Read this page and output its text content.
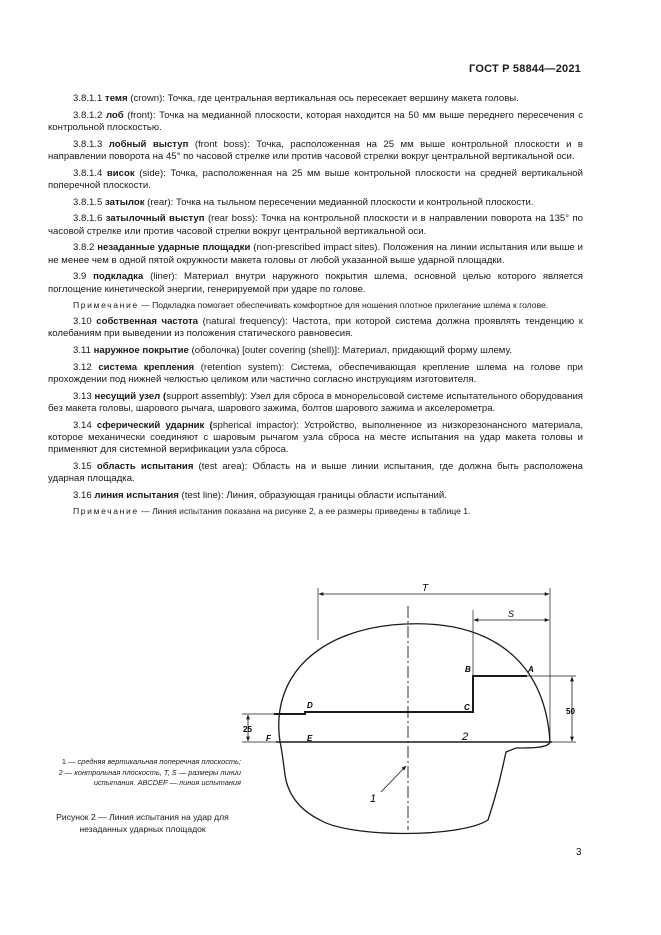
ГОСТ Р 58844—2021

3.8.1.1 темя (crown): Точка, где центральная вертикальная ось пересекает вершину макета головы.

3.8.1.2 лоб (front): Точка на медианной плоскости, которая находится на 50 мм выше переднего пересечения с контрольной плоскостью.

3.8.1.3 лобный выступ (front boss): Точка, расположенная на 25 мм выше контрольной плоскости и в направлении поворота на 45° по часовой стрелке или против часовой стрелки вокруг центральной вертикальной оси.

3.8.1.4 висок (side): Точка, расположенная на 25 мм выше контрольной плоскости на средней вертикальной поперечной плоскости.

3.8.1.5 затылок (rear): Точка на тыльном пересечении медианной плоскости и контрольной плоскости.

3.8.1.6 затылочный выступ (rear boss): Точка на контрольной плоскости и в направлении поворота на 135° по часовой стрелке или против часовой стрелки вокруг центральной вертикальной оси.

3.8.2 незаданные ударные площадки (non-prescribed impact sites). Положения на линии испытания или выше и не менее чем в одной пятой окружности макета головы от любой указанной выше ударной площадки.

3.9 подкладка (liner): Материал внутри наружного покрытия шлема, основной целью которого является поглощение кинетической энергии, генерируемой при ударе по голове.

Примечание — Подкладка помогает обеспечивать комфортное для ношения плотное прилегание шлема к голове.

3.10 собственная частота (natural frequency): Частота, при которой система должна проявлять тенденцию к колебаниям при выведении из положения статического равновесия.

3.11 наружное покрытие (оболочка) [outer covering (shell)]: Материал, придающий форму шлему.

3.12 система крепления (retention system): Система, обеспечивающая крепление шлема на голове при прохождении под нижней челюстью целиком или частично согласно инструкциям изготовителя.

3.13 несущий узел (support assembly): Узел для сброса в монорельсовой системе испытательного оборудования без макета головы, шарового рычага, шарового зажима, болтов шарового зажима и акселерометра.

3.14 сферический ударник (spherical impactor): Устройство, выполненное из низкорезонансного материала, которое механически соединяют с шаровым рычагом узла сброса на месте испытания на удар макета головы и применяют для системной верификации узла сброса.

3.15 область испытания (test area): Область на и выше линии испытания, где должна быть расположена ударная площадка.

3.16 линия испытания (test line): Линия, образующая границы области испытаний.

Примечание — Линия испытания показана на рисунке 2, а ее размеры приведены в таблице 1.

T
S
50
25
A
B
C
D
E
F
1
2
1 — средняя вертикальная поперечная плоскость; 2 — контрольная плоскость, T, S — размеры линии испытания. ABCDEF — линия испытания
Рисунок 2 — Линия испытания на удар для незаданных ударных площадок
3
